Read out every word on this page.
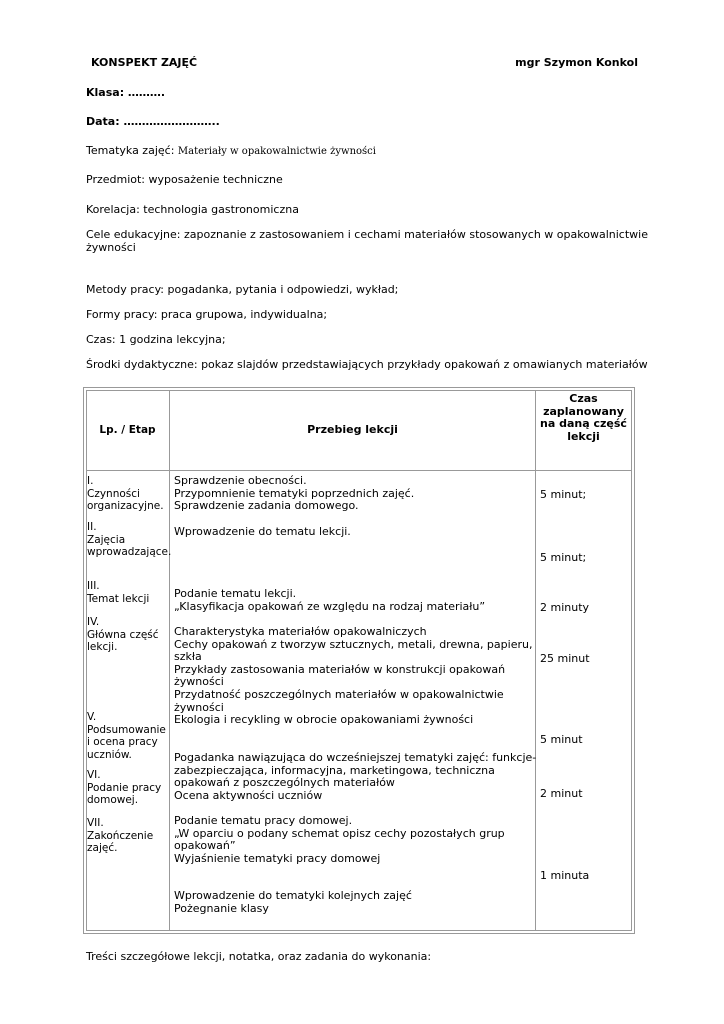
KONSPEKT ZAJĘĆ	mgr Szymon Konkol
Klasa: ……….
Data: ……………………..
Tematyka zajęć: Materiały w opakowalnictwie żywności
Przedmiot: wyposażenie techniczne
Korelacja: technologia gastronomiczna
Cele edukacyjne: zapoznanie z zastosowaniem i cechami materiałów stosowanych w opakowalnictwie
żywności
Metody pracy: pogadanka, pytania i odpowiedzi, wykład;
Formy pracy: praca grupowa, indywidualna;
Czas: 1 godzina lekcyjna;
Środki dydaktyczne: pokaz slajdów przedstawiających przykłady opakowań z omawianych materiałów
Lp. / Etap	Przebieg lekcji
Czas
zaplanowany
na daną część
lekcji
I.
Czynności
organizacyjne.
II.
Zajęcia
wprowadzające.
III.
Temat lekcji
IV.
Główna część
lekcji.
V.
Podsumowanie
i ocena pracy
uczniów.
VI.
Podanie pracy
domowej.
VII.
Zakończenie
zajęć.
Sprawdzenie obecności.
Przypomnienie tematyki poprzednich zajęć.
Sprawdzenie zadania domowego.
Wprowadzenie do tematu lekcji.
Podanie tematu lekcji.
„Klasyfikacja opakowań ze względu na rodzaj materiału”
Charakterystyka materiałów opakowalniczych
Cechy opakowań z tworzyw sztucznych, metali, drewna, papieru,
szkła
Przykłady zastosowania materiałów w konstrukcji opakowań
żywności
Przydatność poszczególnych materiałów w opakowalnictwie
żywności
Ekologia i recykling w obrocie opakowaniami żywności
Pogadanka nawiązująca do wcześniejszej tematyki zajęć: funkcje-
zabezpieczająca, informacyjna, marketingowa, techniczna
opakowań z poszczególnych materiałów
Ocena aktywności uczniów
Podanie tematu pracy domowej.
„W oparciu o podany schemat opisz cechy pozostałych grup
opakowań”
Wyjaśnienie tematyki pracy domowej
Wprowadzenie do tematyki kolejnych zajęć
Pożegnanie klasy
5 minut;
5 minut;
2 minuty
25 minut
5 minut
2 minut
1 minuta
Treści szczegółowe lekcji, notatka, oraz zadania do wykonania:
